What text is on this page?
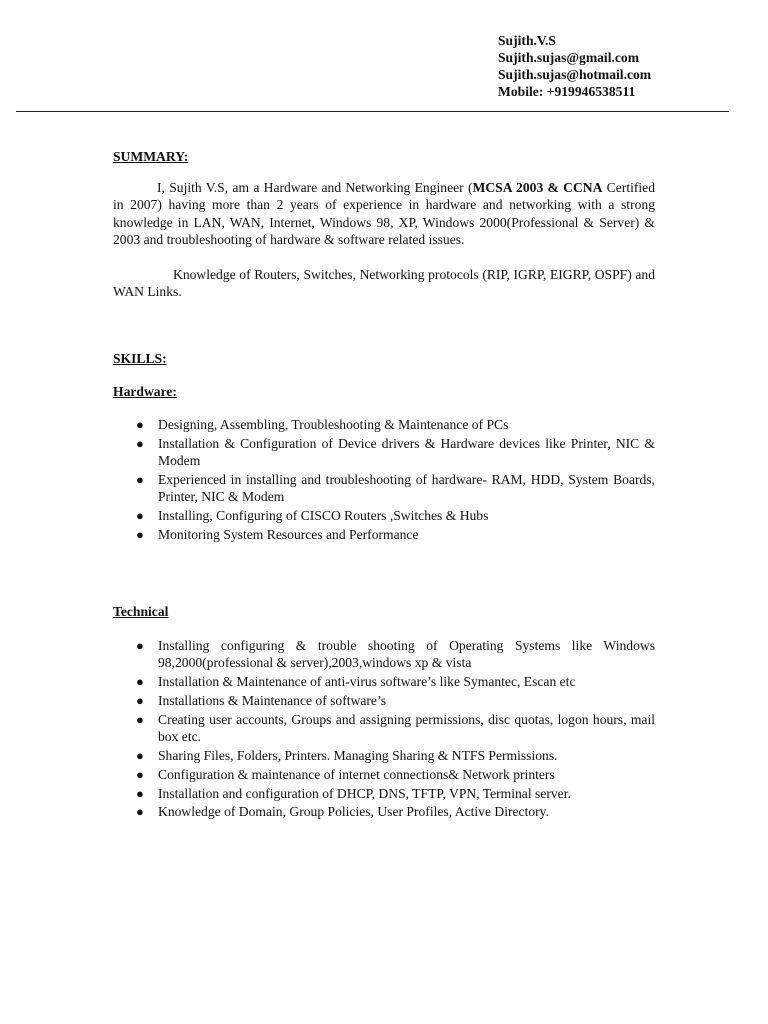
Sujith.V.S
Sujith.sujas@gmail.com
Sujith.sujas@hotmail.com
Mobile: +919946538511
SUMMARY:
I, Sujith V.S, am a Hardware and Networking Engineer (MCSA 2003 & CCNA Certified in 2007) having more than 2 years of experience in hardware and networking with a strong knowledge in LAN, WAN, Internet, Windows 98, XP, Windows 2000(Professional & Server) & 2003 and troubleshooting of hardware & software related issues.
Knowledge of Routers, Switches, Networking protocols (RIP, IGRP, EIGRP, OSPF) and WAN Links.
SKILLS:
Hardware:
● Designing, Assembling, Troubleshooting & Maintenance of PCs
● Installation & Configuration of Device drivers & Hardware devices like Printer, NIC & Modem
● Experienced in installing and troubleshooting of hardware- RAM, HDD, System Boards, Printer, NIC & Modem
● Installing, Configuring of CISCO Routers ,Switches & Hubs
● Monitoring System Resources and Performance
Technical
● Installing configuring & trouble shooting of Operating Systems like Windows 98,2000(professional & server),2003,windows xp & vista
● Installation & Maintenance of anti-virus software’s like Symantec, Escan etc
● Installations & Maintenance of software’s
● Creating user accounts, Groups and assigning permissions, disc quotas, logon hours, mail box etc.
● Sharing Files, Folders, Printers. Managing Sharing & NTFS Permissions.
● Configuration & maintenance of internet connections& Network printers
● Installation and configuration of DHCP, DNS, TFTP, VPN, Terminal server.
● Knowledge of Domain, Group Policies, User Profiles, Active Directory.
